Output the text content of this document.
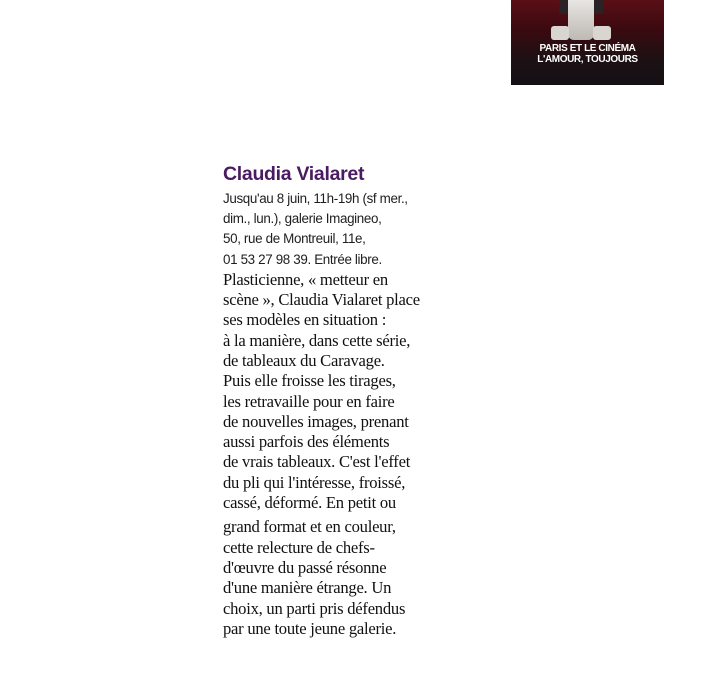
PARIS ET LE CINÉMA
L'AMOUR, TOUJOURS
Claudia Vialaret

Jusqu'au 8 juin, 11h-19h (sf mer.,
dim., lun.), galerie Imagineo,
50, rue de Montreuil, 11e,
01 53 27 98 39. Entrée libre.

Plasticienne, « metteur en
scène », Claudia Vialaret place
ses modèles en situation :
à la manière, dans cette série,
de tableaux du Caravage.
Puis elle froisse les tirages,
les retravaille pour en faire
de nouvelles images, prenant
aussi parfois des éléments
de vrais tableaux. C'est l'effet
du pli qui l'intéresse, froissé,
cassé, déformé. En petit ou

grand format et en couleur,
cette relecture de chefs-
d'œuvre du passé résonne
d'une manière étrange. Un
choix, un parti pris défendus
par une toute jeune galerie.
